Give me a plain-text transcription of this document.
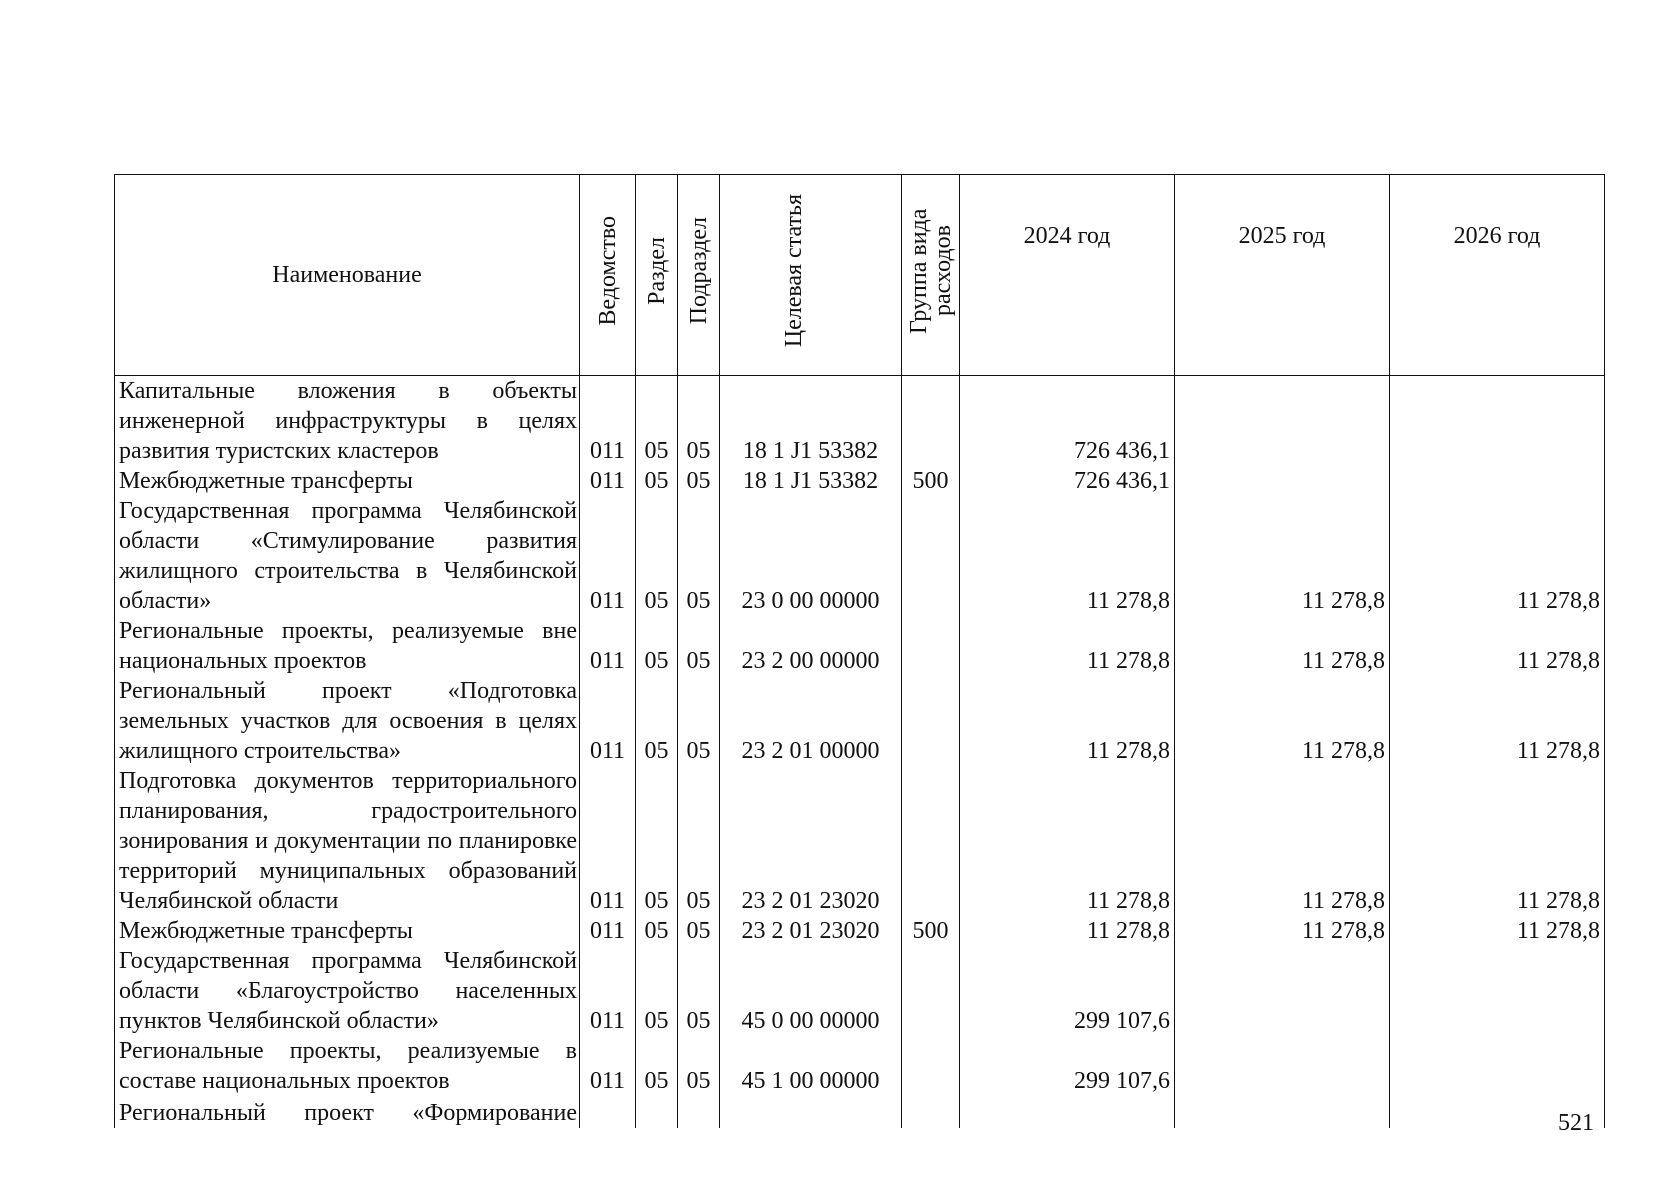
Наименование	Ведомство	Раздел	Подраздел	Целевая статья	Группа вида расходов	2024 год	2025 год	2026 год
Капитальные вложения в объекты инженерной инфраструктуры в целях развития туристских кластеров	011	05	05	18 1 J1 53382		726 436,1		
Межбюджетные трансферты	011	05	05	18 1 J1 53382	500	726 436,1		
Государственная программа Челябинской области «Стимулирование развития жилищного строительства в Челябинской области»	011	05	05	23 0 00 00000		11 278,8	11 278,8	11 278,8
Региональные проекты, реализуемые вне национальных проектов	011	05	05	23 2 00 00000		11 278,8	11 278,8	11 278,8
Региональный проект «Подготовка земельных участков для освоения в целях жилищного строительства»	011	05	05	23 2 01 00000		11 278,8	11 278,8	11 278,8
Подготовка документов территориального планирования, градостроительного зонирования и документации по планировке территорий муниципальных образований Челябинской области	011	05	05	23 2 01 23020		11 278,8	11 278,8	11 278,8
Межбюджетные трансферты	011	05	05	23 2 01 23020	500	11 278,8	11 278,8	11 278,8
Государственная программа Челябинской области «Благоустройство населенных пунктов Челябинской области»	011	05	05	45 0 00 00000		299 107,6		
Региональные проекты, реализуемые в составе национальных проектов	011	05	05	45 1 00 00000		299 107,6		
Региональный проект «Формирование									521
